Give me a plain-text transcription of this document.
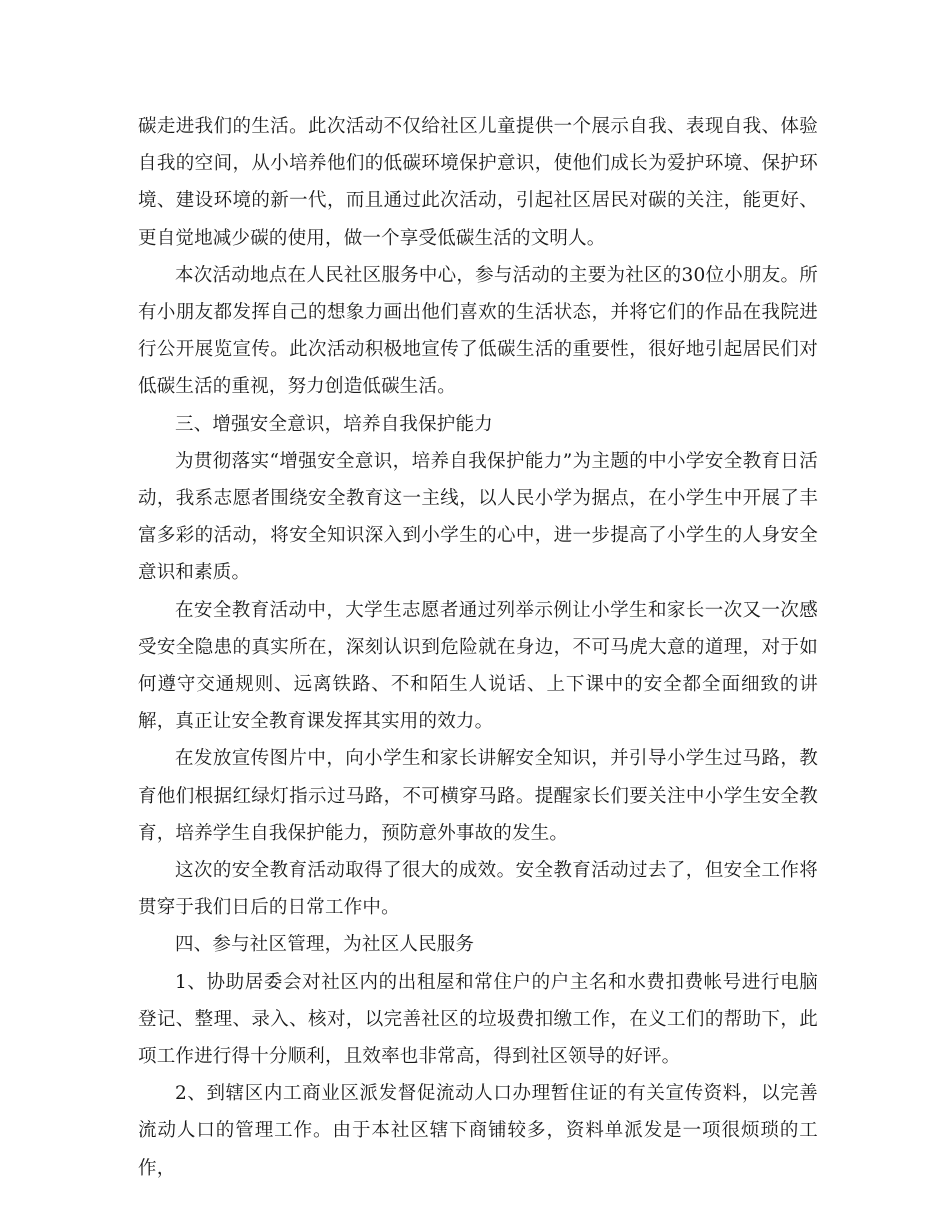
碳走进我们的生活。此次活动不仅给社区儿童提供一个展示自我、表现自我、体验自我的空间，从小培养他们的低碳环境保护意识，使他们成长为爱护环境、保护环境、建设环境的新一代，而且通过此次活动，引起社区居民对碳的关注，能更好、更自觉地减少碳的使用，做一个享受低碳生活的文明人。

本次活动地点在人民社区服务中心，参与活动的主要为社区的30位小朋友。所有小朋友都发挥自己的想象力画出他们喜欢的生活状态，并将它们的作品在我院进行公开展览宣传。此次活动积极地宣传了低碳生活的重要性，很好地引起居民们对低碳生活的重视，努力创造低碳生活。

三、增强安全意识，培养自我保护能力

为贯彻落实“增强安全意识，培养自我保护能力”为主题的中小学安全教育日活动，我系志愿者围绕安全教育这一主线，以人民小学为据点，在小学生中开展了丰富多彩的活动，将安全知识深入到小学生的心中，进一步提高了小学生的人身安全意识和素质。

在安全教育活动中，大学生志愿者通过列举示例让小学生和家长一次又一次感受安全隐患的真实所在，深刻认识到危险就在身边，不可马虎大意的道理，对于如何遵守交通规则、远离铁路、不和陌生人说话、上下课中的安全都全面细致的讲解，真正让安全教育课发挥其实用的效力。

在发放宣传图片中，向小学生和家长讲解安全知识，并引导小学生过马路，教育他们根据红绿灯指示过马路，不可横穿马路。提醒家长们要关注中小学生安全教育，培养学生自我保护能力，预防意外事故的发生。

这次的安全教育活动取得了很大的成效。安全教育活动过去了，但安全工作将贯穿于我们日后的日常工作中。

四、参与社区管理，为社区人民服务

1、协助居委会对社区内的出租屋和常住户的户主名和水费扣费帐号进行电脑登记、整理、录入、核对，以完善社区的垃圾费扣缴工作，在义工们的帮助下，此项工作进行得十分顺利，且效率也非常高，得到社区领导的好评。

2、到辖区内工商业区派发督促流动人口办理暂住证的有关宣传资料，以完善流动人口的管理工作。由于本社区辖下商铺较多，资料单派发是一项很烦琐的工作，
